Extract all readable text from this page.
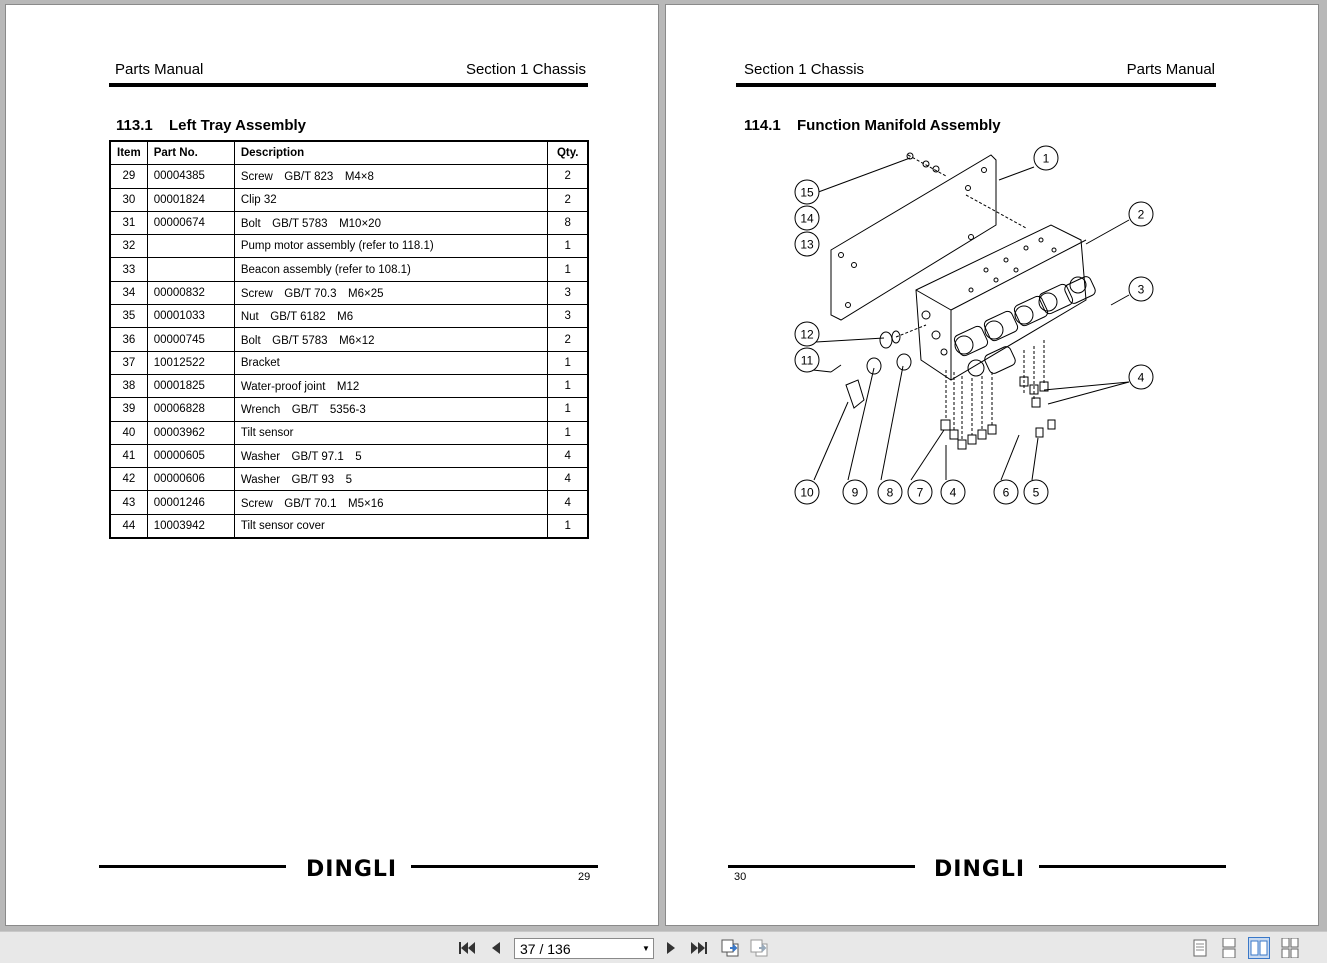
Parts Manual	Section 1 Chassis
113.1 Left Tray Assembly
Item	Part No.	Description	Qty.
29	00004385	Screw　GB/T 823　M4×8	2
30	00001824	Clip 32	2
31	00000674	Bolt　GB/T 5783　M10×20	8
32		Pump motor assembly (refer to 118.1)	1
33		Beacon assembly (refer to 108.1)	1
34	00000832	Screw　GB/T 70.3　M6×25	3
35	00001033	Nut　GB/T 6182　M6	3
36	00000745	Bolt　GB/T 5783　M6×12	2
37	10012522	Bracket	1
38	00001825	Water-proof joint　M12	1
39	00006828	Wrench　GB/T　5356-3	1
40	00003962	Tilt sensor	1
41	00000605	Washer　GB/T 97.1　5	4
42	00000606	Washer　GB/T 93　5	4
43	00001246	Screw　GB/T 70.1　M5×16	4
44	10003942	Tilt sensor cover	1
DINGLI	29
Section 1 Chassis	Parts Manual
114.1 Function Manifold Assembly
1
2
3
4
4	5
6
7
8
9
10
11
12
13
14
15
DINGLI
30
37 / 136	▼
